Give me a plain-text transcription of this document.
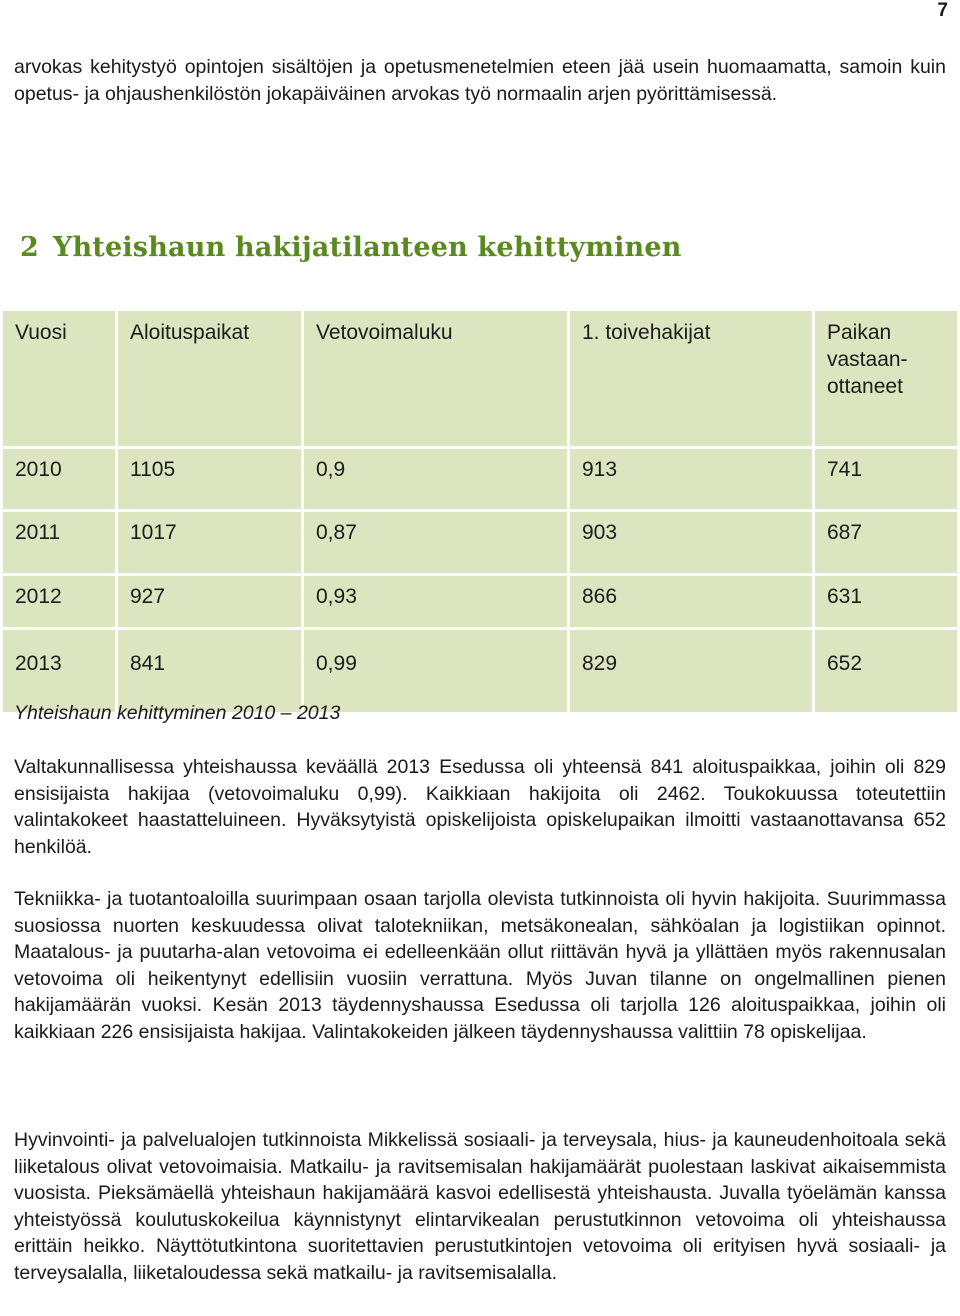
7

arvokas kehitystyö opintojen sisältöjen ja opetusmenetelmien eteen jää usein huomaamatta, samoin kuin opetus- ja ohjaushenkilöstön jokapäiväinen arvokas työ normaalin arjen pyörittämisessä.

2 Yhteishaun hakijatilanteen kehittyminen
Vuosi	Aloituspaikat	Vetovoimaluku	1. toivehakijat	Paikan
vastaan-
ottaneet
2010	1105	0,9	913	741
2011	1017	0,87	903	687
2012	927	0,93	866	631
2013	841	0,99	829	652

Yhteishaun kehittyminen 2010 – 2013

Valtakunnallisessa yhteishaussa keväällä 2013 Esedussa oli yhteensä 841 aloituspaikkaa, joihin oli 829 ensisijaista hakijaa (vetovoimaluku 0,99). Kaikkiaan hakijoita oli 2462. Toukokuussa toteutettiin valintakokeet haastatteluineen. Hyväksytyistä opiskelijoista opiskelupaikan ilmoitti vastaanottavansa 652 henkilöä.

Tekniikka- ja tuotantoaloilla suurimpaan osaan tarjolla olevista tutkinnoista oli hyvin hakijoita. Suurimmassa suosiossa nuorten keskuudessa olivat talotekniikan, metsäkonealan, sähköalan ja logistiikan opinnot. Maatalous- ja puutarha-alan vetovoima ei edelleenkään ollut riittävän hyvä ja yllättäen myös rakennusalan vetovoima oli heikentynyt edellisiin vuosiin verrattuna. Myös Juvan tilanne on ongelmallinen pienen hakijamäärän vuoksi. Kesän 2013 täydennyshaussa Esedussa oli tarjolla 126 aloituspaikkaa, joihin oli kaikkiaan 226 ensisijaista hakijaa. Valintakokeiden jälkeen täydennyshaussa valittiin 78 opiskelijaa.

Hyvinvointi- ja palvelualojen tutkinnoista Mikkelissä sosiaali- ja terveysala, hius- ja kauneudenhoitoala sekä liiketalous olivat vetovoimaisia. Matkailu- ja ravitsemisalan hakijamäärät puolestaan laskivat aikaisemmista vuosista. Pieksämäellä yhteishaun hakijamäärä kasvoi edellisestä yhteishausta. Juvalla työelämän kanssa yhteistyössä koulutuskokeilua käynnistynyt elintarvikealan perustutkinnon vetovoima oli yhteishaussa erittäin heikko. Näyttötutkintona suoritettavien perustutkintojen vetovoima oli erityisen hyvä sosiaali- ja terveysalalla, liiketaloudessa sekä matkailu- ja ravitsemisalalla.
